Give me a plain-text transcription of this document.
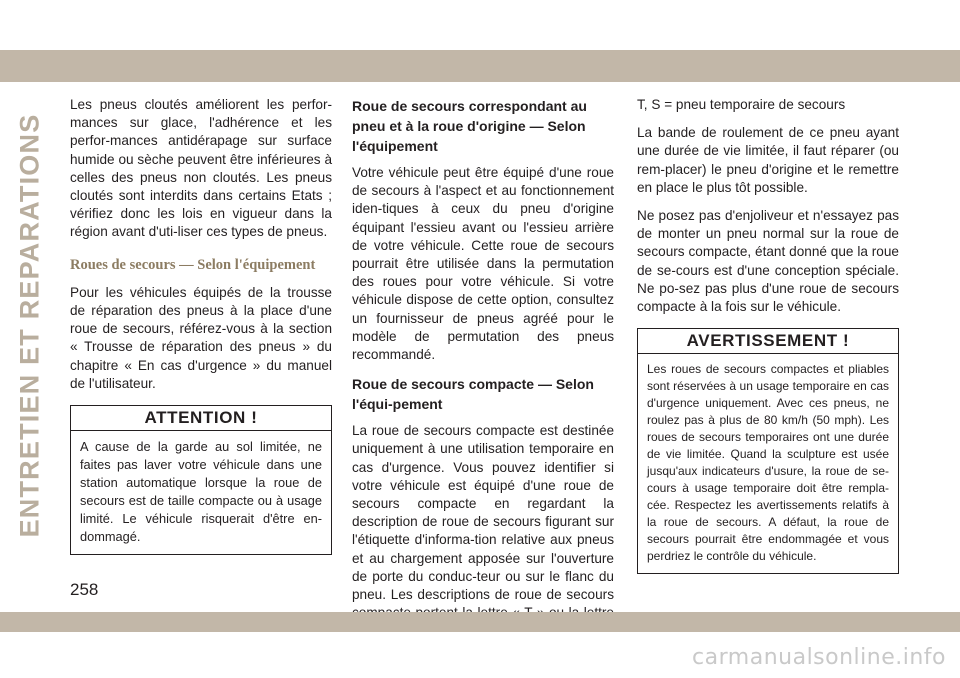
ENTRETIEN ET REPARATIONS

Les pneus cloutés améliorent les perfor-mances sur glace, l'adhérence et les perfor-mances antidérapage sur surface humide ou sèche peuvent être inférieures à celles des pneus non cloutés. Les pneus cloutés sont interdits dans certains Etats ; vérifiez donc les lois en vigueur dans la région avant d'uti-liser ces types de pneus.

Roues de secours — Selon l'équipement

Pour les véhicules équipés de la trousse de réparation des pneus à la place d'une roue de secours, référez-vous à la section « Trousse de réparation des pneus » du chapitre « En cas d'urgence » du manuel de l'utilisateur.

ATTENTION !
A cause de la garde au sol limitée, ne faites pas laver votre véhicule dans une station automatique lorsque la roue de secours est de taille compacte ou à usage limité. Le véhicule risquerait d'être en-dommagé.
Roue de secours correspondant au pneu et à la roue d'origine — Selon l'équipement

Votre véhicule peut être équipé d'une roue de secours à l'aspect et au fonctionnement iden-tiques à ceux du pneu d'origine équipant l'essieu avant ou l'essieu arrière de votre véhicule. Cette roue de secours pourrait être utilisée dans la permutation des roues pour votre véhicule. Si votre véhicule dispose de cette option, consultez un fournisseur de pneus agréé pour le modèle de permutation des pneus recommandé.

Roue de secours compacte — Selon l'équi-pement

La roue de secours compacte est destinée uniquement à une utilisation temporaire en cas d'urgence. Vous pouvez identifier si votre véhicule est équipé d'une roue de secours compacte en regardant la description de roue de secours figurant sur l'étiquette d'informa-tion relative aux pneus et au chargement apposée sur l'ouverture de porte du conduc-teur ou sur le flanc du pneu. Les descriptions de roue de secours

T, S = pneu temporaire de secours

La bande de roulement de ce pneu ayant une durée de vie limitée, il faut réparer (ou rem-placer) le pneu d'origine et le remettre en place le plus tôt possible.

Ne posez pas d'enjoliveur et n'essayez pas de monter un pneu normal sur la roue de secours compacte, étant donné que la roue de se-cours est d'une conception spéciale. Ne po-sez pas plus d'une roue de secours compacte à la fois sur le véhicule.

AVERTISSEMENT !
Les roues de secours compactes et pliables sont réservées à un usage temporaire en cas d'urgence uniquement. Avec ces pneus, ne roulez pas à plus de 80 km/h (50 mph). Les roues de secours temporaires ont une durée de vie limitée. Quand la sculpture est usée jusqu'aux indicateurs d'usure, la roue de se-cours à usage temporaire doit être rempla-cée. Respectez les avertissements relatifs à la roue de secours. A défaut, la roue de secours pourrait être endommagée et vous perdriez le contrôle du véhicule.
258
carmanualsonline.info
